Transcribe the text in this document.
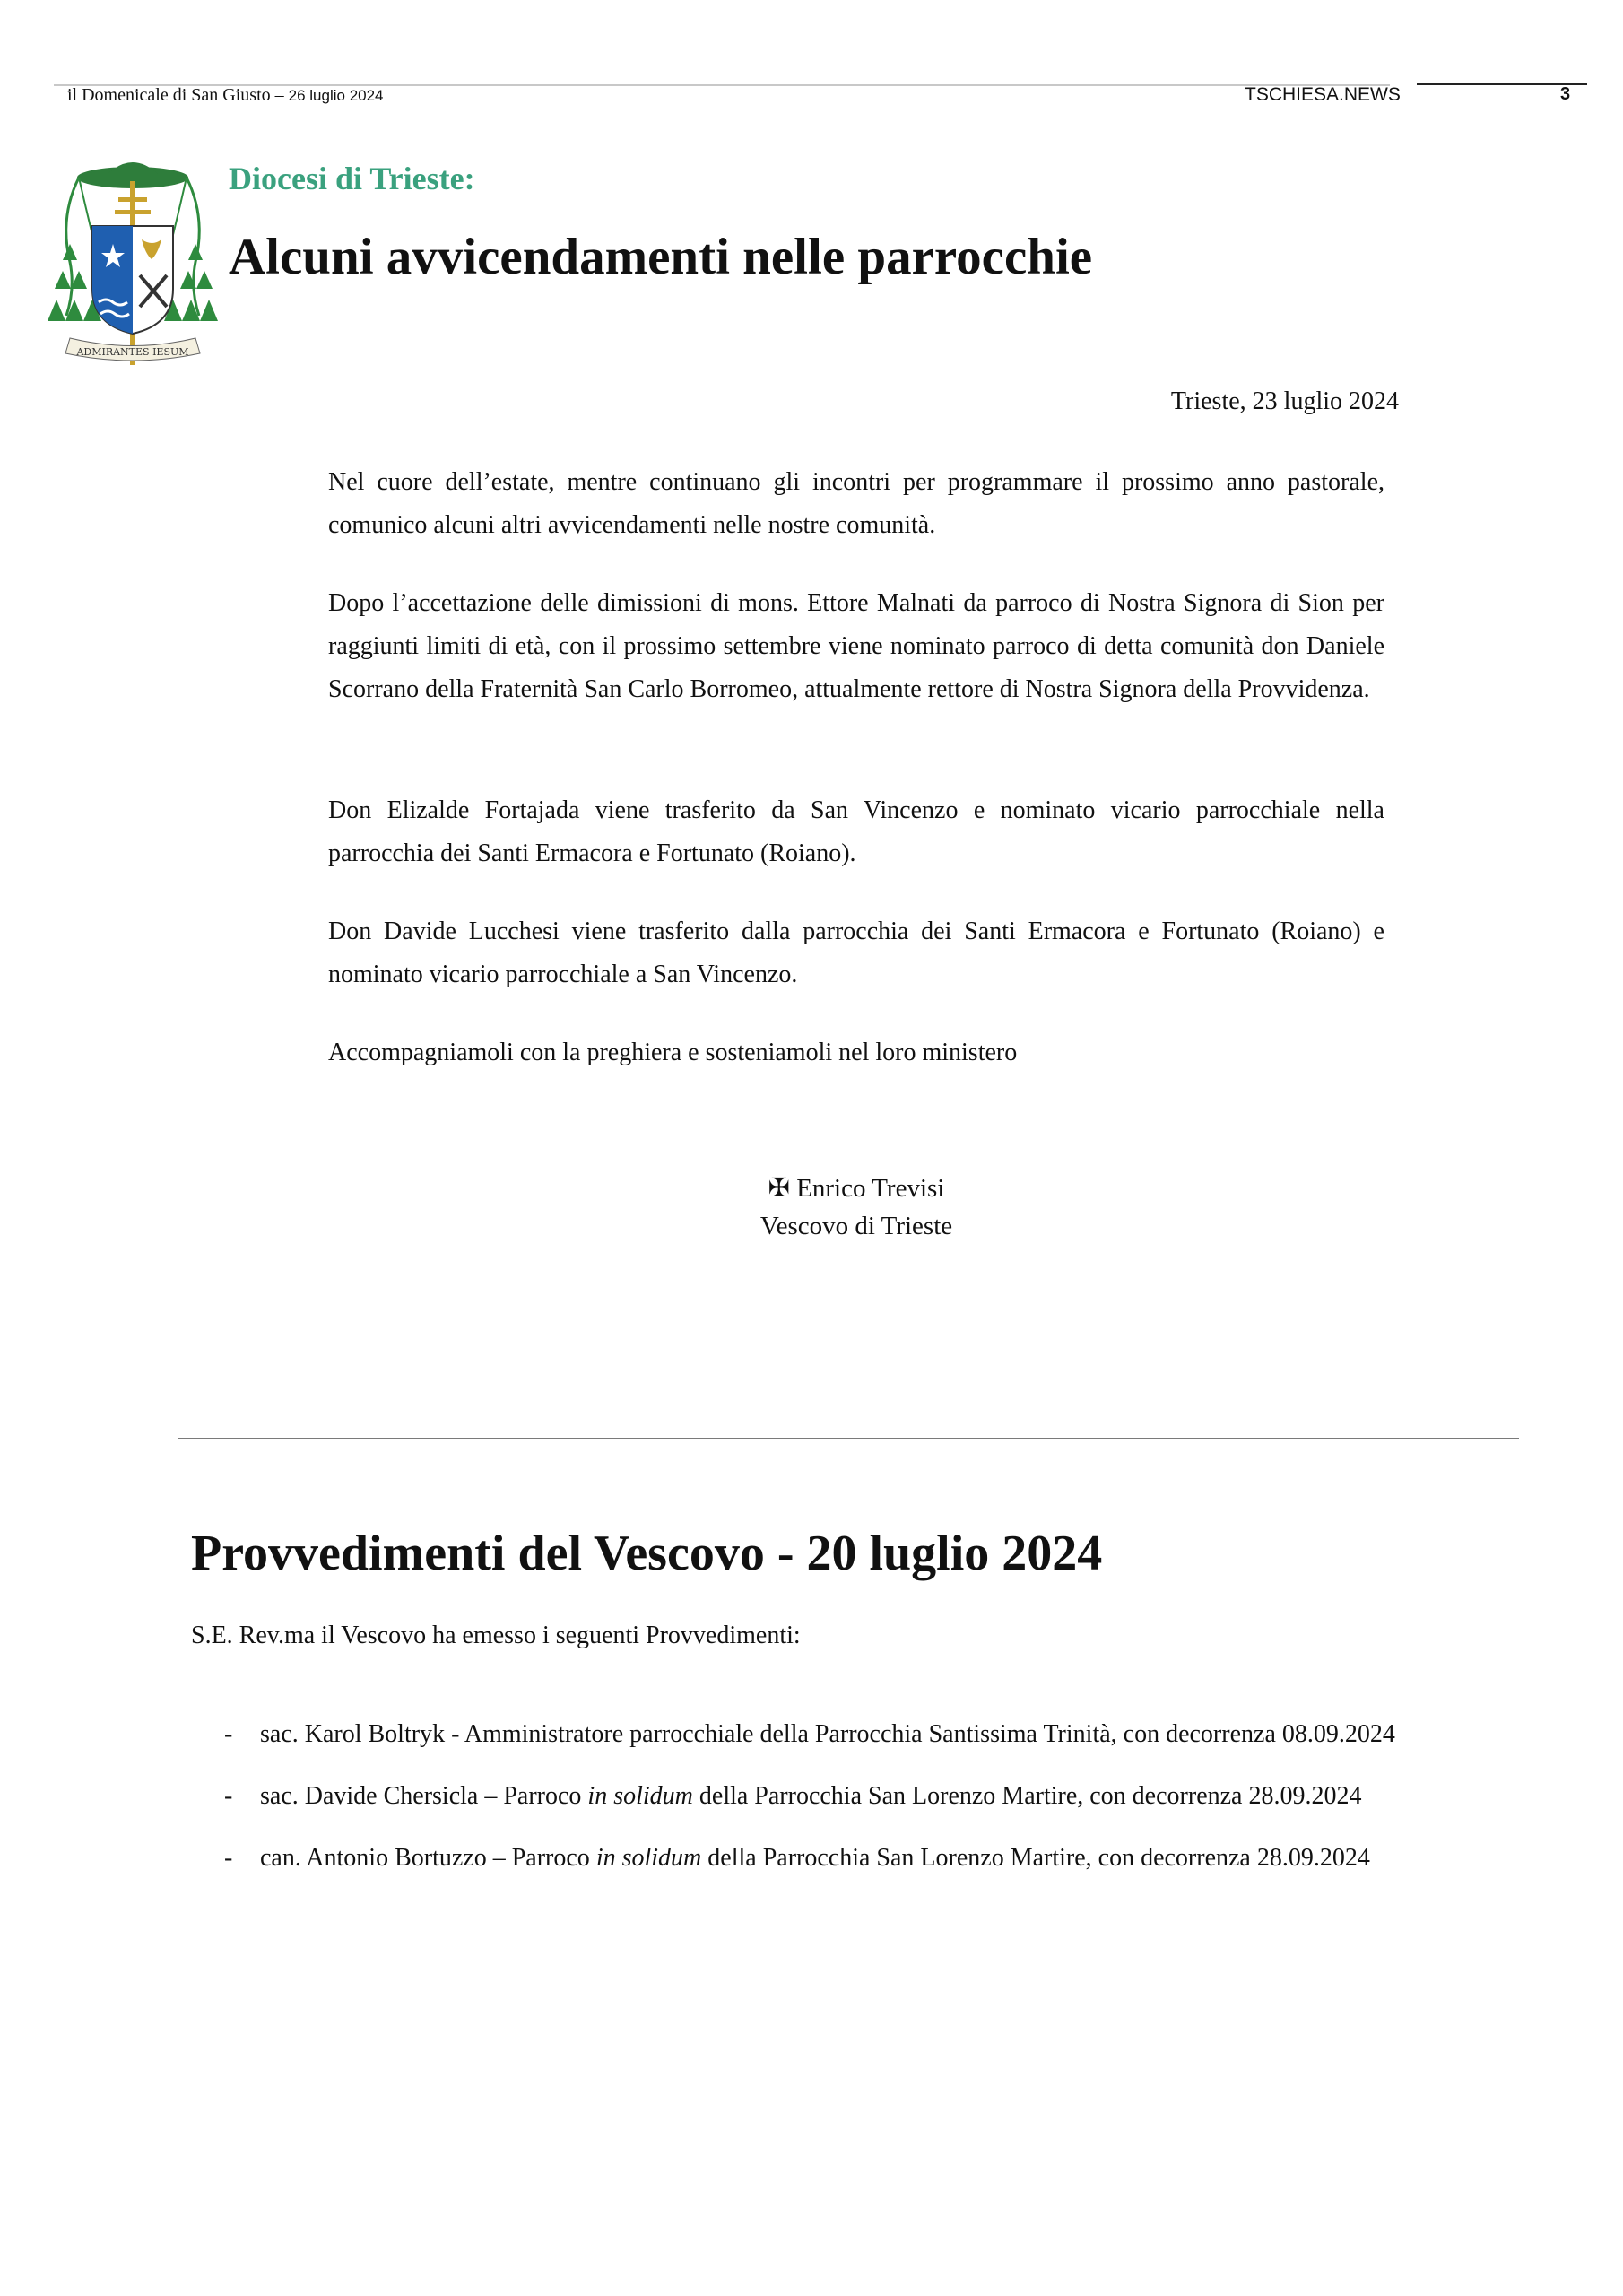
il Domenicale di San Giusto – 26 luglio 2024	TSCHIESA.NEWS	3
ADMIRANTES IESUM
Diocesi di Trieste:
Alcuni avvicendamenti nelle parrocchie
Trieste, 23 luglio 2024

Nel cuore dell’estate, mentre continuano gli incontri per programmare il prossimo anno pastorale, comunico alcuni altri avvicendamenti nelle nostre comunità.

Dopo l’accettazione delle dimissioni di mons. Ettore Malnati da parroco di Nostra Signora di Sion per raggiunti limiti di età, con il prossimo settembre viene nominato parroco di detta comunità don Daniele Scorrano della Fraternità San Carlo Borromeo, attualmente rettore di Nostra Signora della Provvidenza.

Don Elizalde Fortajada viene trasferito da San Vincenzo e nominato vicario parrocchiale nella parrocchia dei Santi Ermacora e Fortunato (Roiano).

Don Davide Lucchesi viene trasferito dalla parrocchia dei Santi Ermacora e Fortunato (Roiano) e nominato vicario parrocchiale a San Vincenzo.

Accompagniamoli con la preghiera e sosteniamoli nel loro ministero

✠ Enrico Trevisi
Vescovo di Trieste
Provvedimenti del Vescovo - 20 luglio 2024
S.E. Rev.ma il Vescovo ha emesso i seguenti Provvedimenti:
- sac. Karol Boltryk - Amministratore parrocchiale della Parrocchia Santissima Trinità, con decorrenza 08.09.2024
- sac. Davide Chersicla – Parroco in solidum della Parrocchia San Lorenzo Martire, con decorrenza 28.09.2024
- can. Antonio Bortuzzo – Parroco in solidum della Parrocchia San Lorenzo Martire, con decorrenza 28.09.2024
